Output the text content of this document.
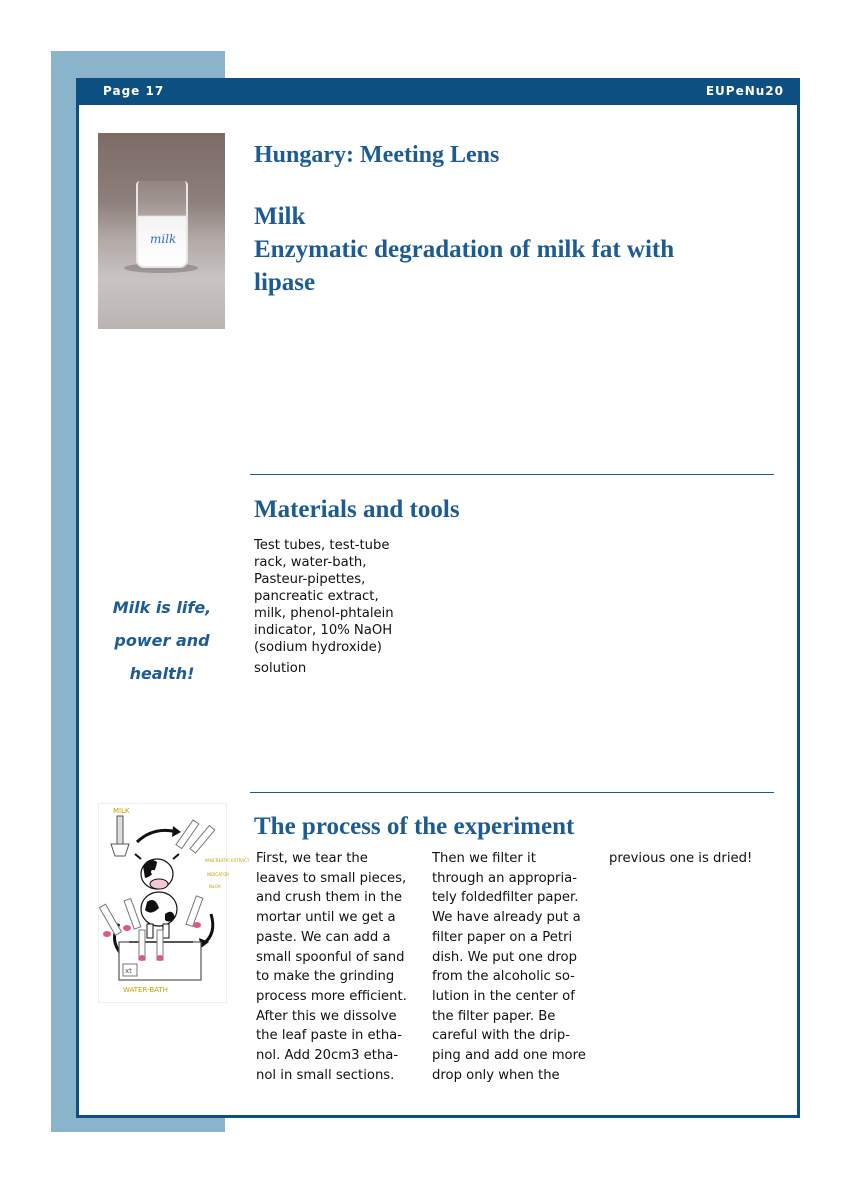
Page 17	EUPeNu20
milk
Hungary: Meeting Lens
Milk
Enzymatic degradation of milk fat with
lipase
Materials and tools
Test tubes, test-tube
rack, water-bath,
Pasteur-pipettes,
pancreatic extract,
milk, phenol-phtalein
indicator, 10% NaOH
(sodium hydroxide)
solution
Milk is life,
power and
health!
MILK
PANCREATIC EXTRACT
INDICATOR
NaOH
xt
WATER-BATH
The process of the experiment
First, we tear the
leaves to small pieces,
and crush them in the
mortar until we get a
paste. We can add a
small spoonful of sand
to make the grinding
process more efficient.
After this we dissolve
the leaf paste in etha-
nol. Add 20cm3 etha-
nol in small sections.
Then we filter it
through an appropria-
tely foldedfilter paper.
We have already put a
filter paper on a Petri
dish. We put one drop
from the alcoholic so-
lution in the center of
the filter paper. Be
careful with the drip-
ping and add one more
drop only when the
previous one is dried!
